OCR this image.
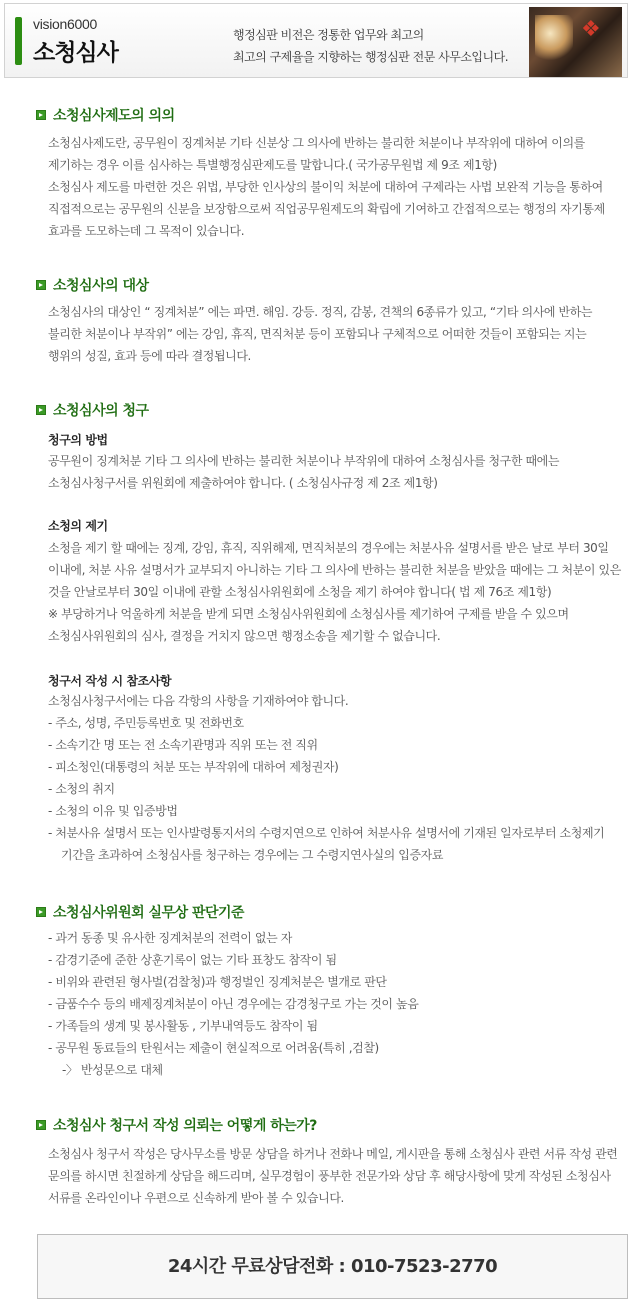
vision6000
소청심사
행정심판 비전은 정통한 업무와 최고의
최고의 구제율을 지향하는 행정심판 전문 사무소입니다.
❖
소청심사제도의 의의
소청심사제도란, 공무원이 징계처분 기타 신분상 그 의사에 반하는 불리한 처분이나 부작위에 대하여 이의를
제기하는 경우 이를 심사하는 특별행정심판제도를 말합니다.( 국가공무원법 제 9조 제1항)
소청심사 제도를 마련한 것은 위법, 부당한 인사상의 불이익 처분에 대하여 구제라는 사법 보완적 기능을 통하여
직접적으로는 공무원의 신분을 보장함으로써 직업공무원제도의 확립에 기여하고 간접적으로는 행정의 자기통제
효과를 도모하는데 그 목적이 있습니다.
소청심사의 대상
소청심사의 대상인 “ 징계처분” 에는 파면. 해임. 강등. 정직, 감봉, 견책의 6종류가 있고, “기타 의사에 반하는
불리한 처분이나 부작위” 에는 강임, 휴직, 면직처분 등이 포함되나 구체적으로 어떠한 것들이 포함되는 지는
행위의 성질, 효과 등에 따라 결정됩니다.
소청심사의 청구
청구의 방법
공무원이 징계처분 기타 그 의사에 반하는 불리한 처분이나 부작위에 대하여 소청심사를 청구한 때에는
소청심사청구서를 위원회에 제출하여야 합니다. ( 소청심사규정 제 2조 제1항)
소청의 제기
소청을 제기 할 때에는 징계, 강임, 휴직, 직위해제, 면직처분의 경우에는 처분사유 설명서를 받은 날로 부터 30일
이내에, 처분 사유 설명서가 교부되지 아니하는 기타 그 의사에 반하는 불리한 처분을 받았을 때에는 그 처분이 있은
것을 안날로부터 30일 이내에 관할 소청심사위원회에 소청을 제기 하여야 합니다( 법 제 76조 제1항)
※ 부당하거나 억울하게 처분을 받게 되면 소청심사위원회에 소청심사를 제기하여 구제를 받을 수 있으며
소청심사위원회의 심사, 결정을 거치지 않으면 행정소송을 제기할 수 없습니다.
청구서 작성 시 참조사항
소청심사청구서에는 다음 각항의 사항을 기재하여야 합니다.
- 주소, 성명, 주민등록번호 및 전화번호
- 소속기간 명 또는 전 소속기관명과 직위 또는 전 직위
- 피소청인(대통령의 처분 또는 부작위에 대하여 제청권자)
- 소청의 취지
- 소청의 이유 및 입증방법
- 처분사유 설명서 또는 인사발령통지서의 수령지연으로 인하여 처분사유 설명서에 기재된 일자로부터 소청제기
기간을 초과하여 소청심사를 청구하는 경우에는 그 수령지연사실의 입증자료
소청심사위원회 실무상 판단기준
- 과거 동종 및 유사한 징계처분의 전력이 없는 자
- 감경기준에 준한 상훈기록이 없는 기타 표창도 참작이 됨
- 비위와 관련된 형사벌(검찰청)과 행정벌인 징계처분은 별개로 판단
- 금품수수 등의 배제징계처분이 아닌 경우에는 감경청구로 가는 것이 높음
- 가족들의 생계 및 봉사활동 , 기부내역등도 참작이 됨
- 공무원 동료들의 탄원서는 제출이 현실적으로 어려움(특히 ,검찰)
-〉 반성문으로 대체
소청심사 청구서 작성 의뢰는 어떻게 하는가?
소청심사 청구서 작성은 당사무소를 방문 상담을 하거나 전화나 메일, 게시판을 통해 소청심사 관련 서류 작성 관련
문의를 하시면 친절하게 상담을 해드리며, 실무경험이 풍부한 전문가와 상담 후 해당사항에 맞게 작성된 소청심사
서류를 온라인이나 우편으로 신속하게 받아 볼 수 있습니다.
24시간 무료상담전화 : 010-7523-2770
